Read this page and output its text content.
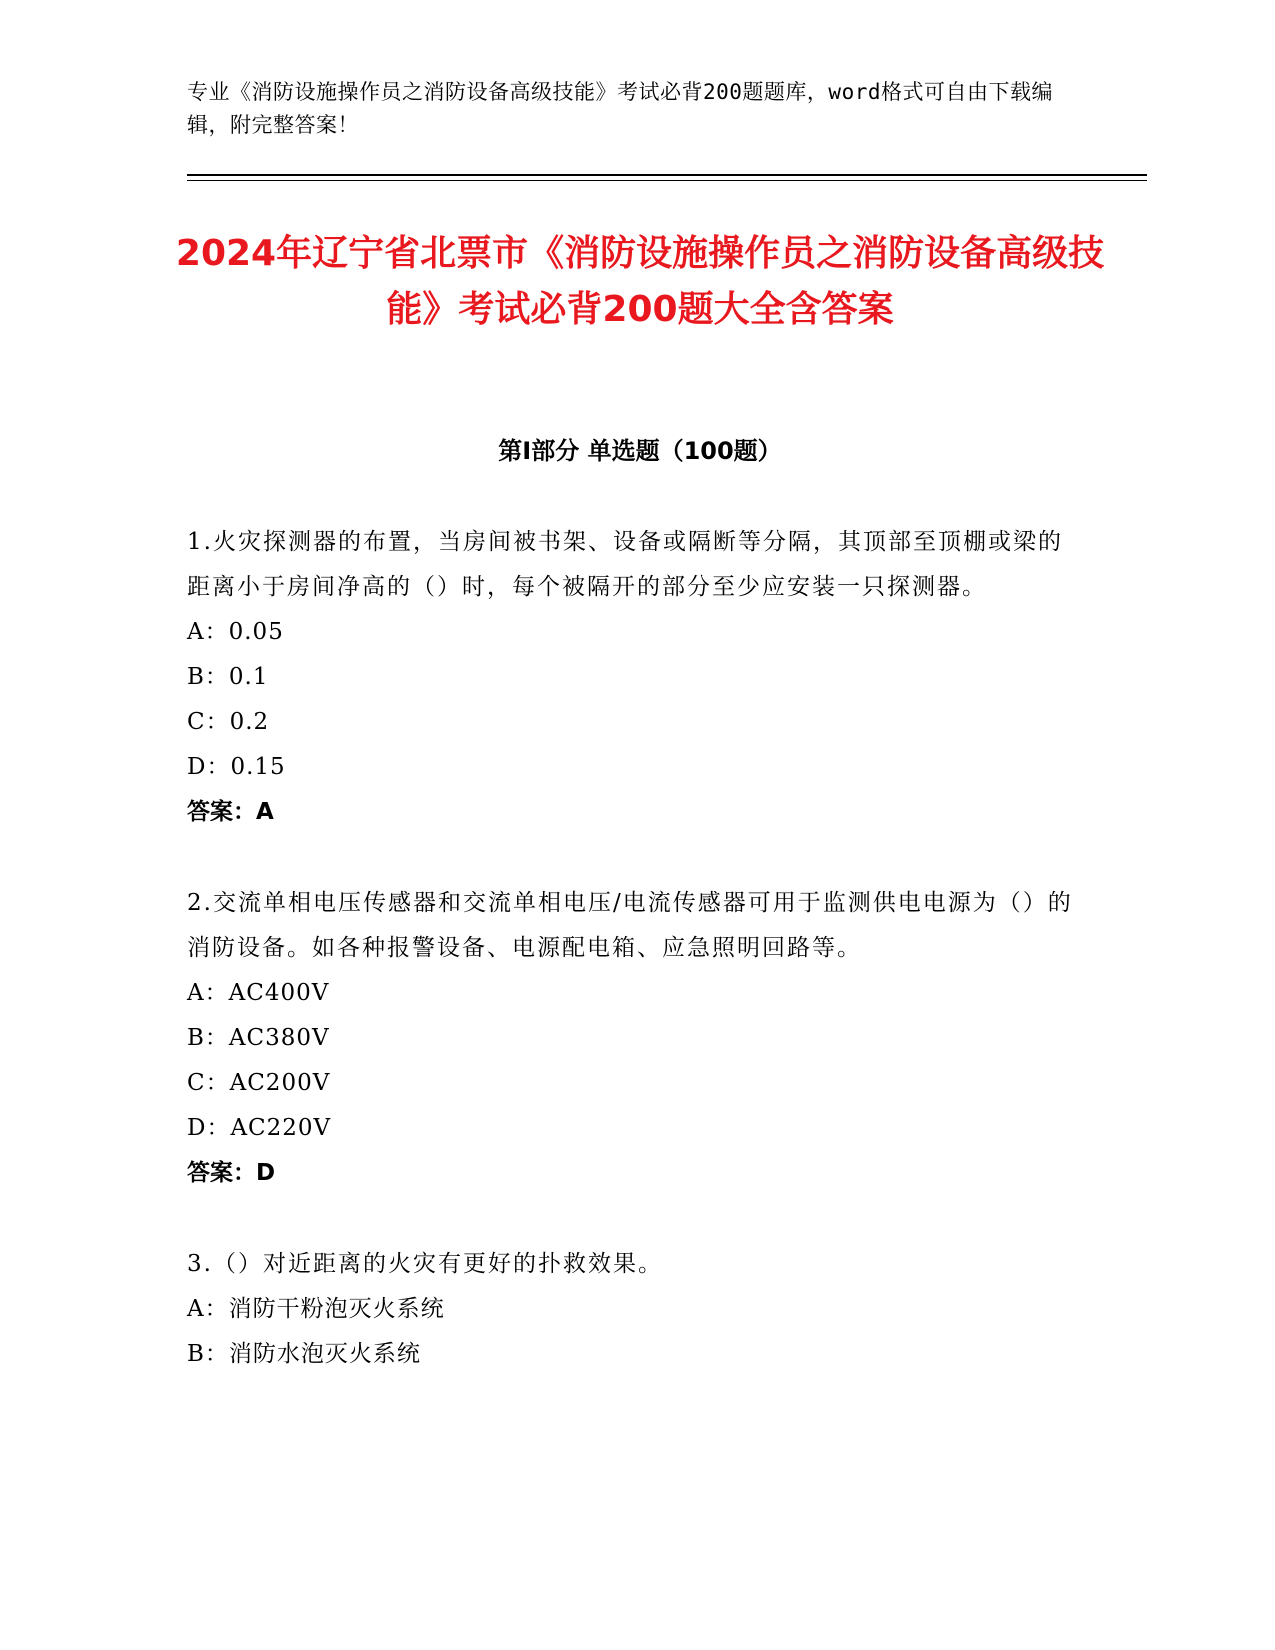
专业《消防设施操作员之消防设备高级技能》考试必背200题题库，word格式可自由下载编辑，附完整答案！
2024年辽宁省北票市《消防设施操作员之消防设备高级技能》考试必背200题大全含答案
第I部分 单选题（100题）
1.火灾探测器的布置，当房间被书架、设备或隔断等分隔，其顶部至顶棚或梁的距离小于房间净高的（）时，每个被隔开的部分至少应安装一只探测器。
A：0.05
B：0.1
C：0.2
D：0.15
答案：A
2.交流单相电压传感器和交流单相电压/电流传感器可用于监测供电电源为（）的消防设备。如各种报警设备、电源配电箱、应急照明回路等。
A：AC400V
B：AC380V
C：AC200V
D：AC220V
答案：D
3.（）对近距离的火灾有更好的扑救效果。
A：消防干粉泡灭火系统
B：消防水泡灭火系统
